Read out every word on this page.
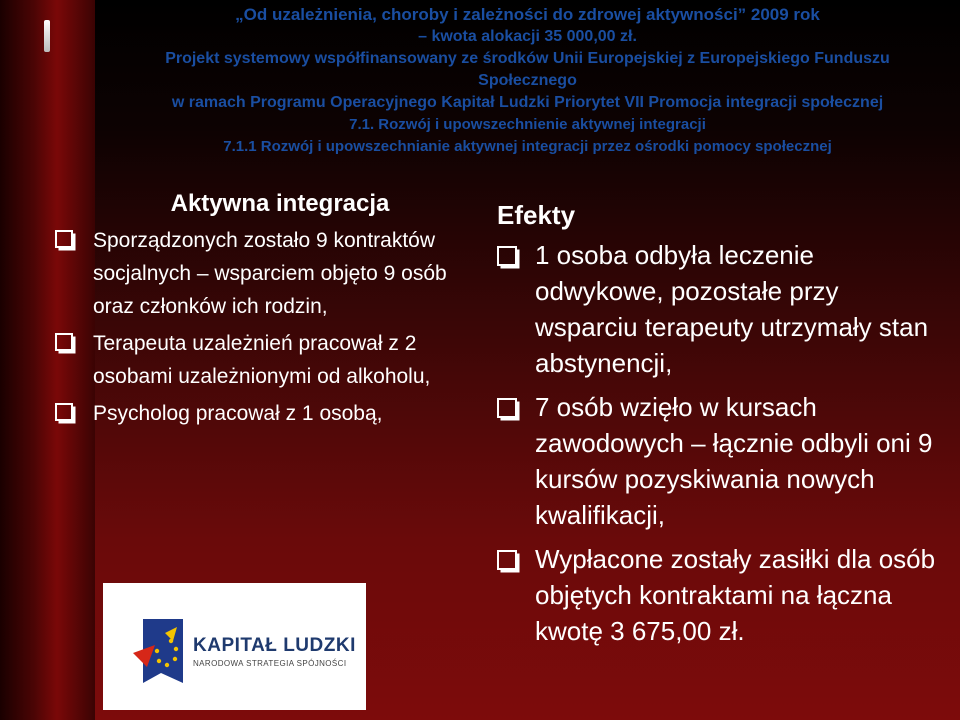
„Od uzależnienia, choroby i zależności do zdrowej aktywności” 2009 rok
– kwota alokacji 35 000,00 zł.
Projekt systemowy współfinansowany ze środków Unii Europejskiej z Europejskiego Funduszu
Społecznego
w ramach Programu Operacyjnego Kapitał Ludzki Priorytet VII Promocja integracji społecznej
7.1. Rozwój i upowszechnienie aktywnej integracji
7.1.1 Rozwój i upowszechnianie aktywnej integracji przez ośrodki pomocy społecznej
Aktywna integracja
Sporządzonych zostało 9 kontraktów socjalnych – wsparciem objęto 9 osób oraz członków ich rodzin,
Terapeuta uzależnień pracował z 2 osobami uzależnionymi od alkoholu,
Psycholog pracował z 1 osobą,
Efekty
1 osoba odbyła leczenie odwykowe, pozostałe przy wsparciu terapeuty utrzymały stan abstynencji,
7 osób wzięło w kursach zawodowych – łącznie odbyli oni 9 kursów pozyskiwania nowych kwalifikacji,
Wypłacone zostały zasiłki dla osób objętych kontraktami na łączna kwotę 3 675,00 zł.
KAPITAŁ LUDZKI
NARODOWA STRATEGIA SPÓJNOŚCI
